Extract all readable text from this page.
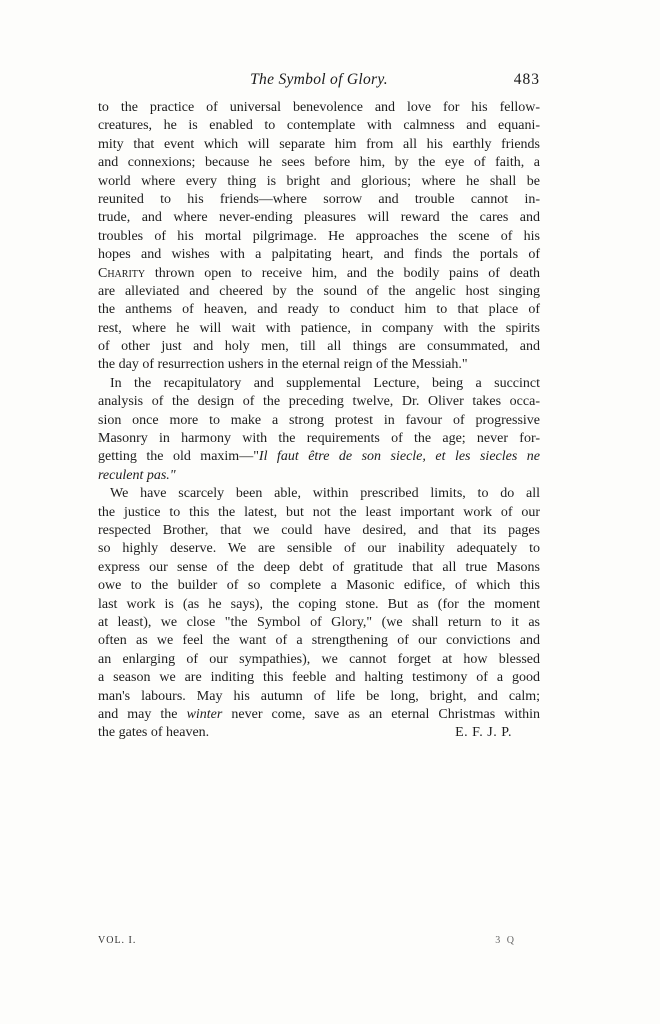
The Symbol of Glory.	483
to the practice of universal benevolence and love for his fellow-
creatures, he is enabled to contemplate with calmness and equani-
mity that event which will separate him from all his earthly friends
and connexions; because he sees before him, by the eye of faith, a
world where every thing is bright and glorious; where he shall be
reunited to his friends—where sorrow and trouble cannot in-
trude, and where never-ending pleasures will reward the cares and
troubles of his mortal pilgrimage. He approaches the scene of his
hopes and wishes with a palpitating heart, and finds the portals of
Charity thrown open to receive him, and the bodily pains of death
are alleviated and cheered by the sound of the angelic host singing
the anthems of heaven, and ready to conduct him to that place of
rest, where he will wait with patience, in company with the spirits
of other just and holy men, till all things are consummated, and
the day of resurrection ushers in the eternal reign of the Messiah."
In the recapitulatory and supplemental Lecture, being a succinct
analysis of the design of the preceding twelve, Dr. Oliver takes occa-
sion once more to make a strong protest in favour of progressive
Masonry in harmony with the requirements of the age; never for-
getting the old maxim—"Il faut être de son siecle, et les siecles ne
reculent pas."
We have scarcely been able, within prescribed limits, to do all
the justice to this the latest, but not the least important work of our
respected Brother, that we could have desired, and that its pages
so highly deserve. We are sensible of our inability adequately to
express our sense of the deep debt of gratitude that all true Masons
owe to the builder of so complete a Masonic edifice, of which this
last work is (as he says), the coping stone. But as (for the moment
at least), we close "the Symbol of Glory," (we shall return to it as
often as we feel the want of a strengthening of our convictions and
an enlarging of our sympathies), we cannot forget at how blessed
a season we are inditing this feeble and halting testimony of a good
man's labours. May his autumn of life be long, bright, and calm;
and may the winter never come, save as an eternal Christmas within
the gates of heaven.	E. F. J. P.
VOL. I.	3 Q
